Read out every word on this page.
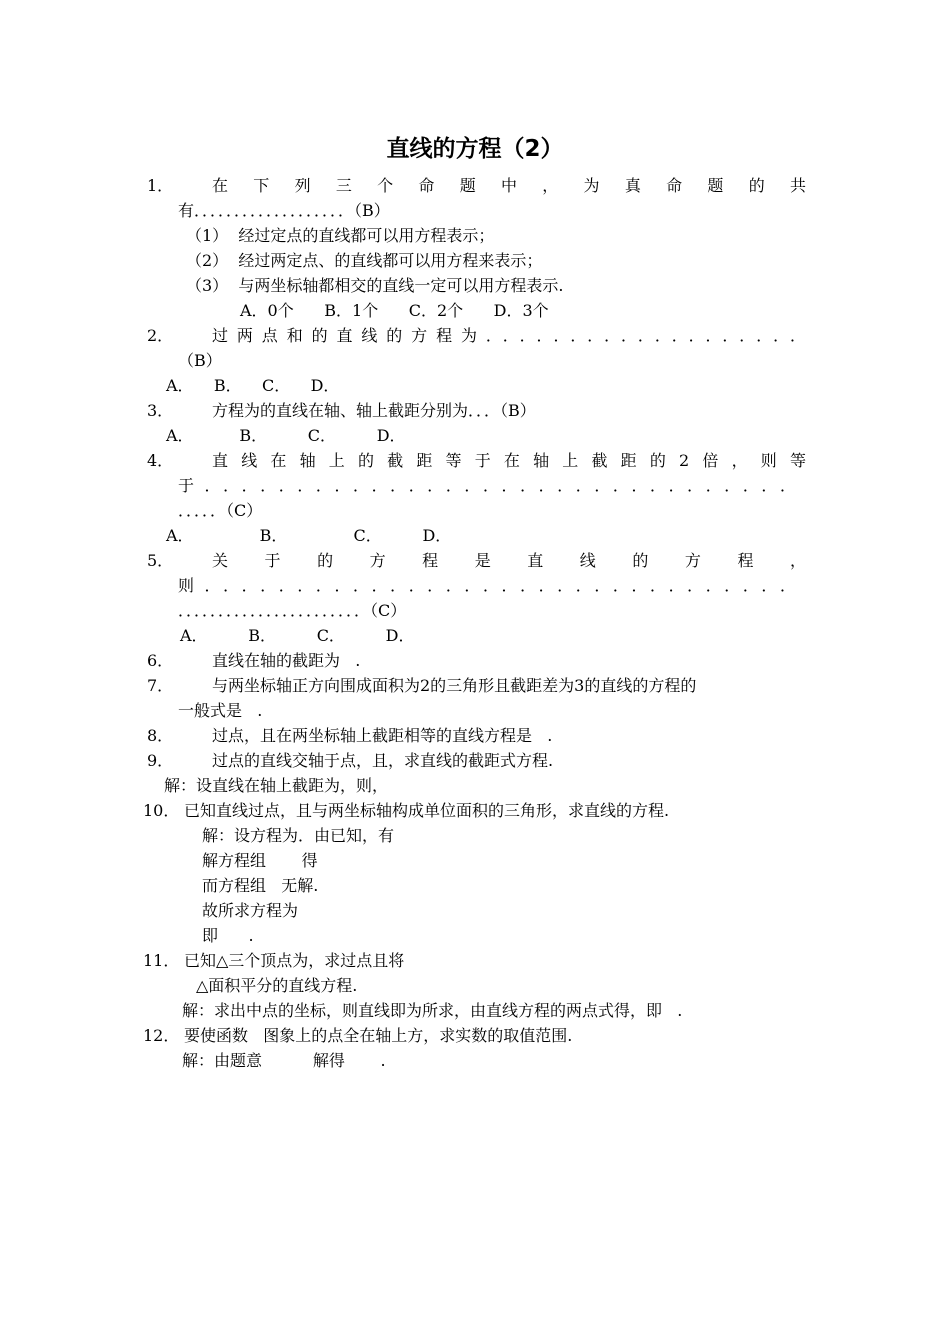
直线的方程（2）
1． 在下列三个命题中，为真命题的共
有．．．．．．．．．．．．．．．．．．．（B）
（1）  经过定点的直线都可以用方程表示；
（2）  经过两定点、的直线都可以用方程来表示；
（3）  与两坐标轴都相交的直线一定可以用方程表示.
A．0个      B．1个      C．2个      D．3个
2． 过两点和的直线的方程为．．．．．．．．．．．．．．．．．．．
（B）
A．    B．    C．    D．
3． 方程为的直线在轴、轴上截距分别为．．．（B）
A．         B．        C．        D．
4． 直线在轴上的截距等于在轴上截距的2倍，则等
于．．．．．．．．．．．．．．．．．．．．．．．．．．．．．．．．
．．．．．（C）
A．             B．             C．        D．
5． 关于的方程是直线的方程，
则．．．．．．．．．．．．．．．．．．．．．．．．．．．．．．．．
．．．．．．．．．．．．．．．．．．．．．．．（C）
A．        B．        C．        D．
6． 直线在轴的截距为   .
7． 与两坐标轴正方向围成面积为2的三角形且截距差为3的直线的方程的
一般式是   .
8． 过点，且在两坐标轴上截距相等的直线方程是   .
9． 过点的直线交轴于点，且，求直线的截距式方程.
解：设直线在轴上截距为，则，
10． 已知直线过点，且与两坐标轴构成单位面积的三角形，求直线的方程.
解：设方程为．由已知，有
解方程组       得
而方程组   无解.
故所求方程为
即      .
11． 已知△三个顶点为，求过点且将
△面积平分的直线方程.
解：求出中点的坐标，则直线即为所求，由直线方程的两点式得，即   .
12． 要使函数   图象上的点全在轴上方，求实数的取值范围.
解：由题意          解得       .
